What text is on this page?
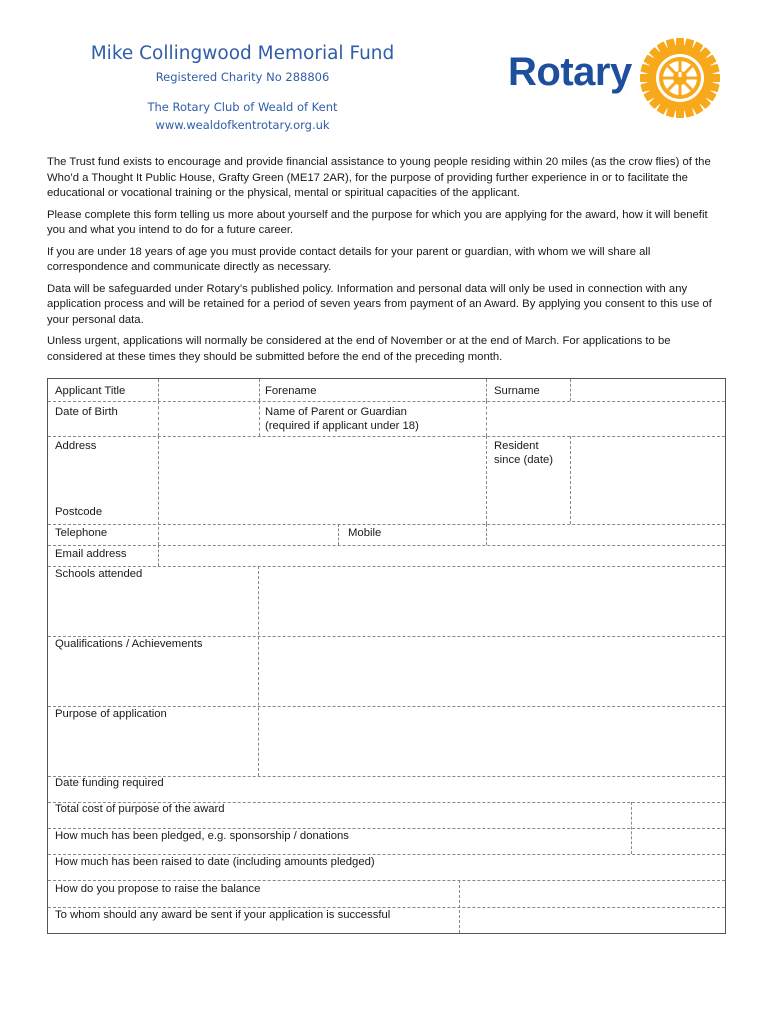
Mike Collingwood Memorial Fund
Registered Charity No 288806
The Rotary Club of Weald of Kent
www.wealdofkentrotary.org.uk
Rotary

The Trust fund exists to encourage and provide financial assistance to young people residing within 20 miles (as the crow flies) of the Who’d a Thought It Public House, Grafty Green (ME17 2AR), for the purpose of providing further experience in or to facilitate the educational or vocational training or the physical, mental or spiritual capacities of the applicant.

Please complete this form telling us more about yourself and the purpose for which you are applying for the award, how it will benefit you and what you intend to do for a future career.

If you are under 18 years of age you must provide contact details for your parent or guardian, with whom we will share all correspondence and communicate directly as necessary.

Data will be safeguarded under Rotary’s published policy. Information and personal data will only be used in connection with any application process and will be retained for a period of seven years from payment of an Award. By applying you consent to this use of your personal data.

Unless urgent, applications will normally be considered at the end of November or at the end of March. For applications to be considered at these times they should be submitted before the end of the preceding month.

Applicant Title	Forename	Surname
Date of Birth	Name of Parent or Guardian
(required if applicant under 18)
Address	Resident
since (date)
Postcode
Telephone	Mobile
Email address
Schools attended
Qualifications / Achievements
Purpose of application
Date funding required
Total cost of purpose of the award
How much has been pledged, e.g. sponsorship / donations
How much has been raised to date (including amounts pledged)
How do you propose to raise the balance
To whom should any award be sent if your application is successful
